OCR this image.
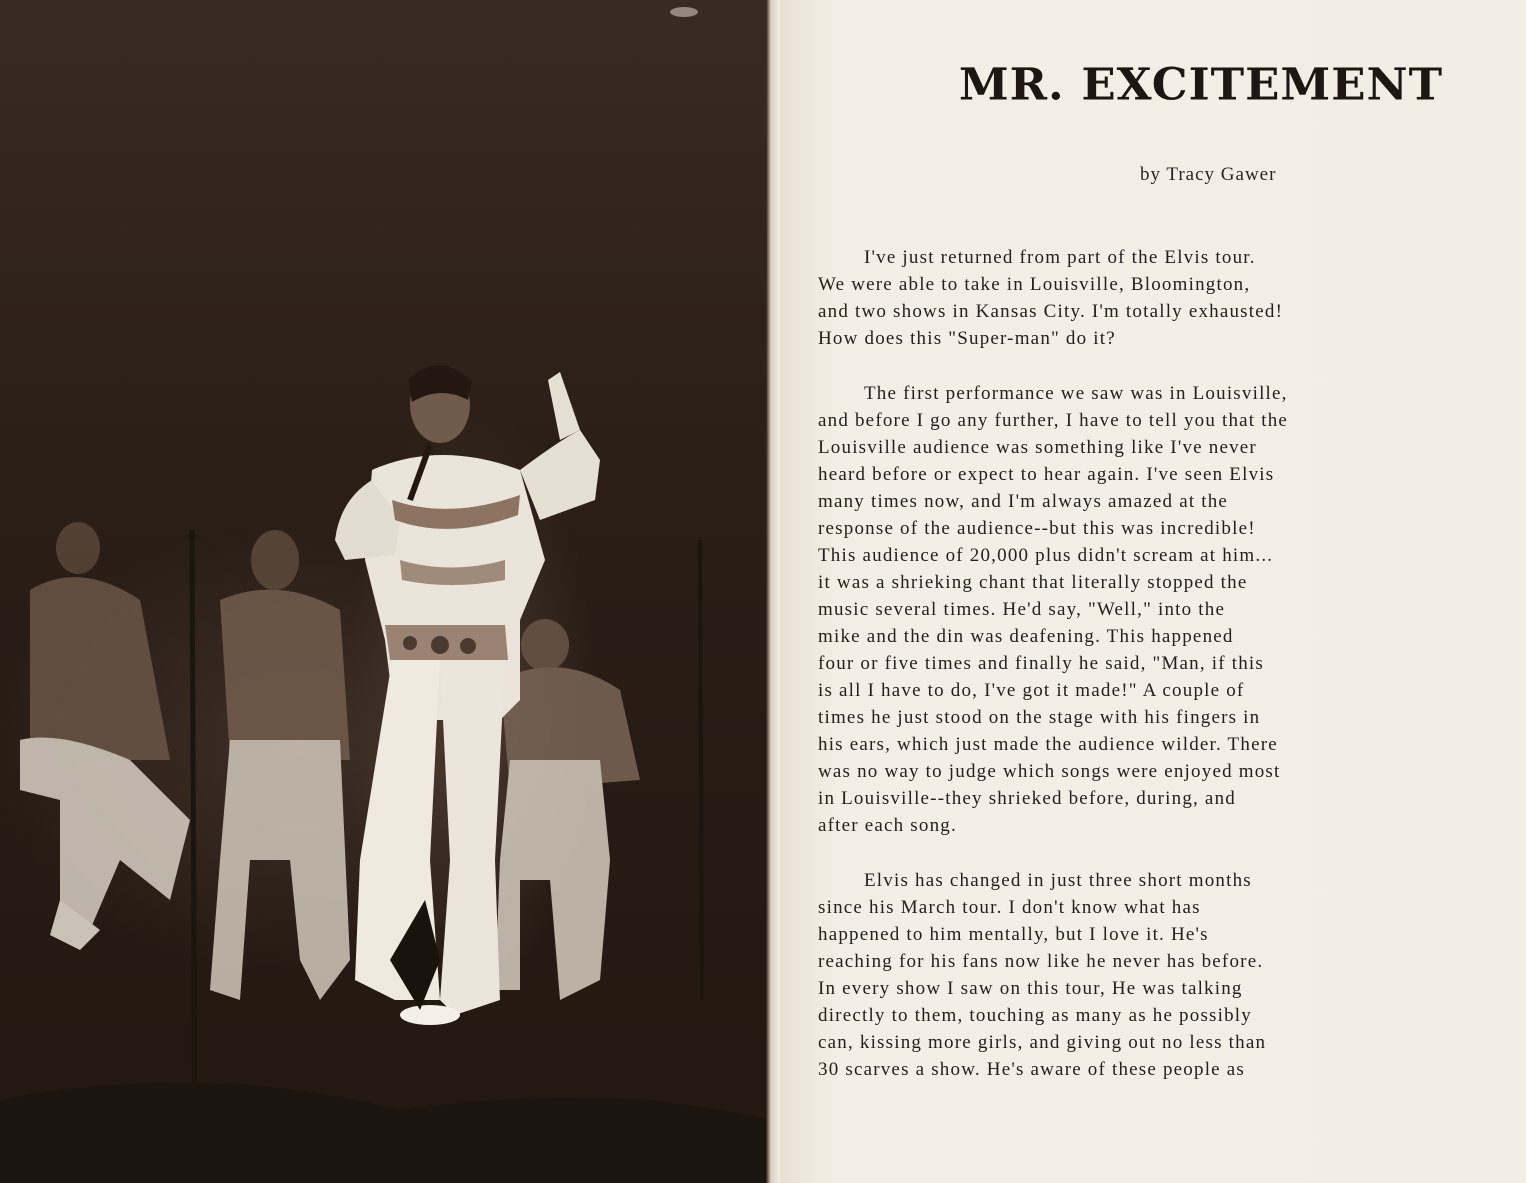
MR. EXCITEMENT
by Tracy Gawer
I've just returned from part of the Elvis tour.
We were able to take in Louisville, Bloomington,
and two shows in Kansas City. I'm totally exhausted!
How does this "Super-man" do it?
The first performance we saw was in Louisville,
and before I go any further, I have to tell you that the
Louisville audience was something like I've never
heard before or expect to hear again. I've seen Elvis
many times now, and I'm always amazed at the
response of the audience--but this was incredible!
This audience of 20,000 plus didn't scream at him...
it was a shrieking chant that literally stopped the
music several times. He'd say, "Well," into the
mike and the din was deafening. This happened
four or five times and finally he said, "Man, if this
is all I have to do, I've got it made!" A couple of
times he just stood on the stage with his fingers in
his ears, which just made the audience wilder. There
was no way to judge which songs were enjoyed most
in Louisville--they shrieked before, during, and
after each song.
Elvis has changed in just three short months
since his March tour. I don't know what has
happened to him mentally, but I love it. He's
reaching for his fans now like he never has before.
In every show I saw on this tour, He was talking
directly to them, touching as many as he possibly
can, kissing more girls, and giving out no less than
30 scarves a show. He's aware of these people as
